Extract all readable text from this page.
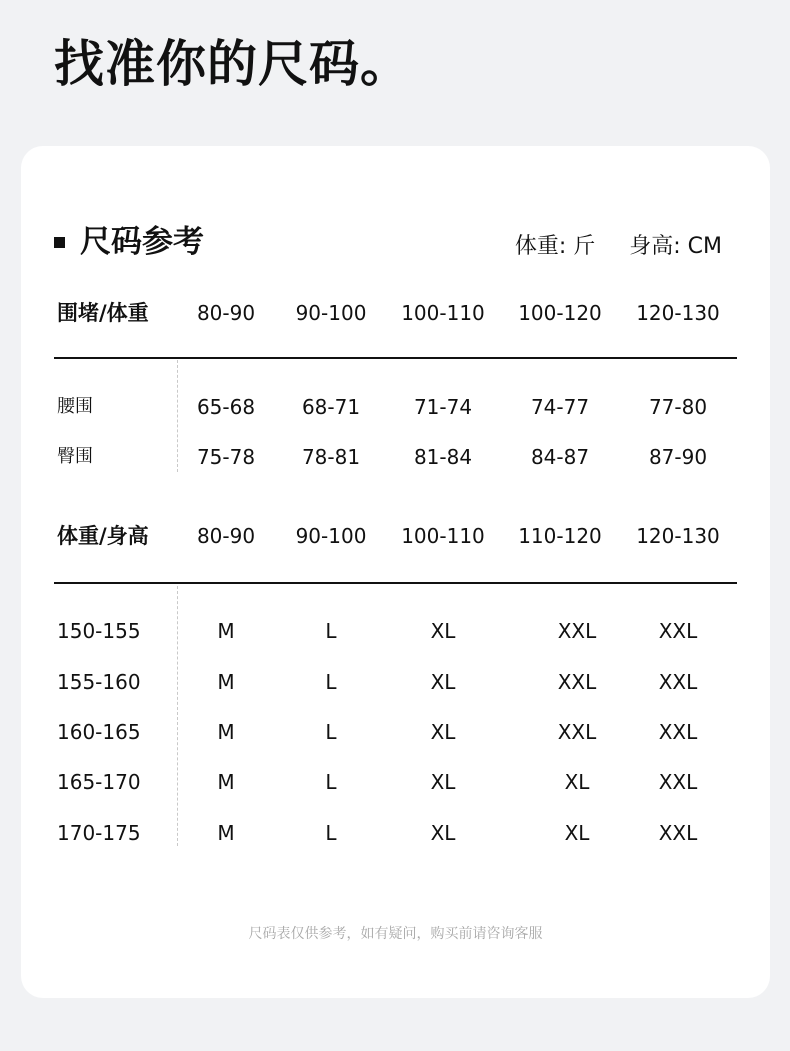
找准你的尺码。
尺码参考	体重: 斤 身高: CM
围堵/体重 80-90 90-100 100-110 100-120 120-130
腰围	65-68 68-71	71-74	74-77	77-80
臀围	75-78 78-81	81-84	84-87	87-90
体重/身高 80-90 90-100 100-110 110-120 120-130
150-155	M	L	XL	XXL	XXL
155-160	M	L	XL	XXL	XXL
160-165	M	L	XL	XXL	XXL
165-170	M	L	XL	XL	XXL
170-175	M	L	XL	XL	XXL
尺码表仅供参考，如有疑问，购买前请咨询客服
